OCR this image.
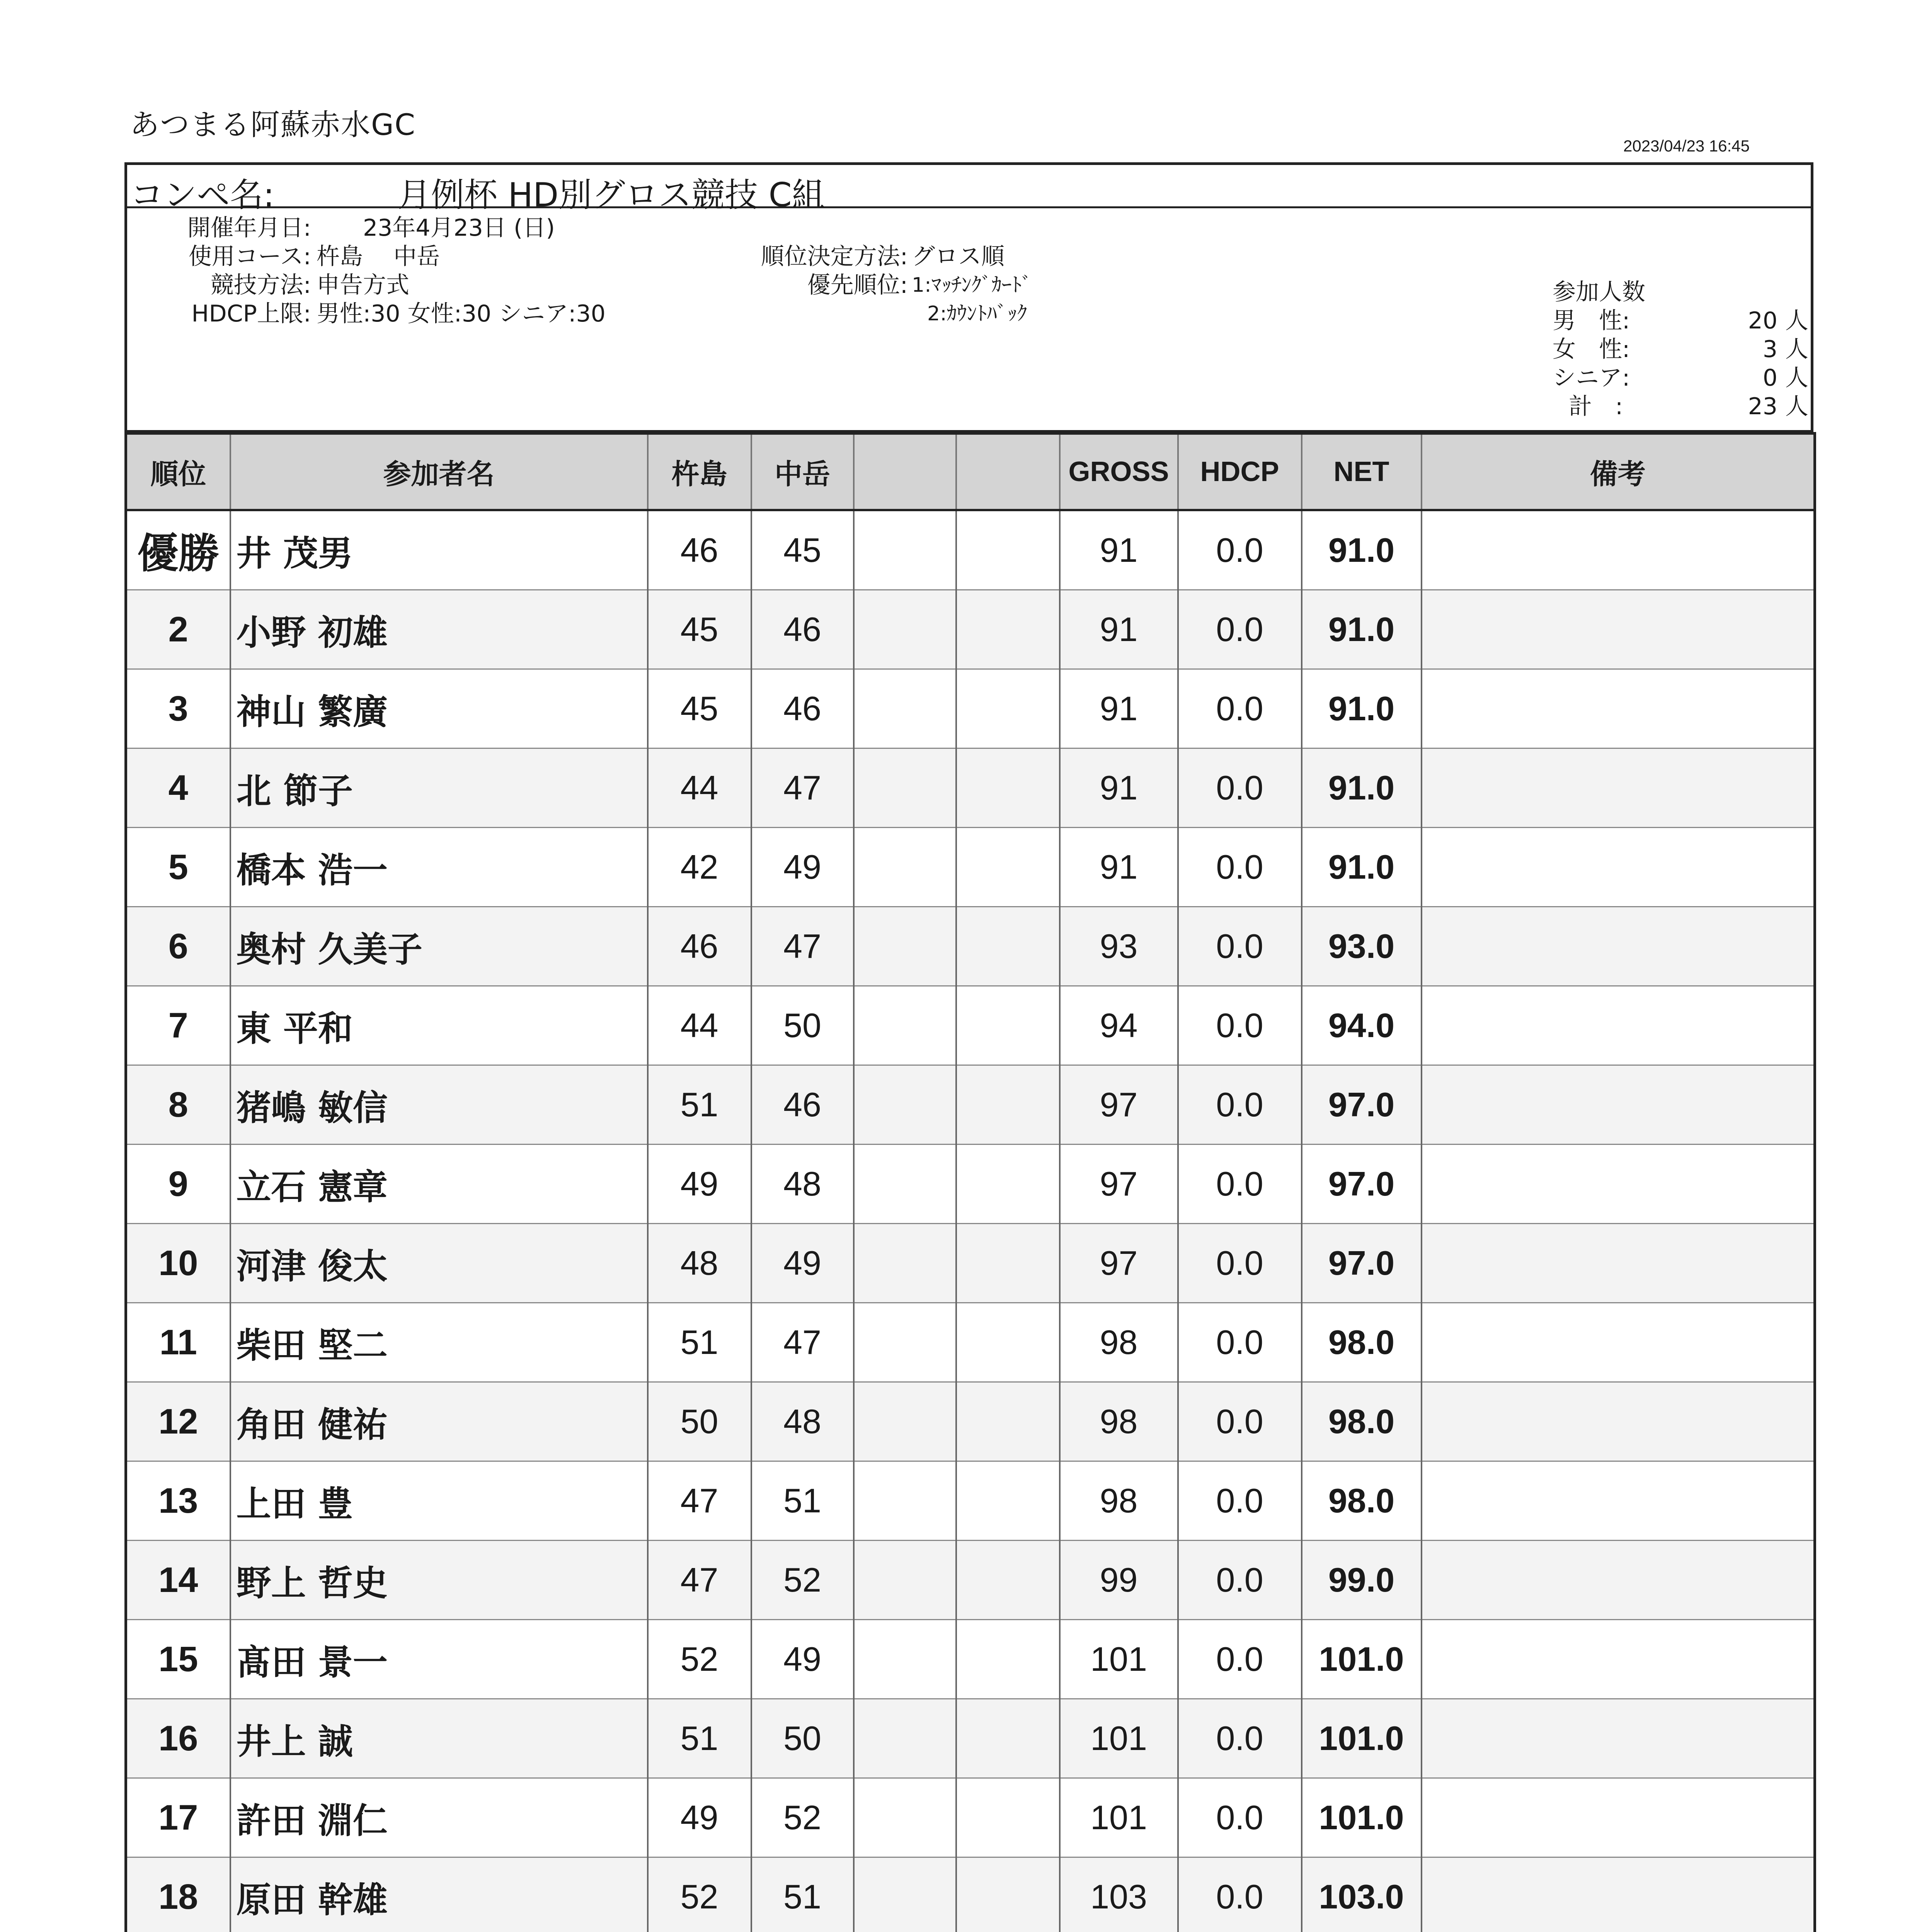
あつまる阿蘇赤水GC
2023/04/23 16:45
コンペ名:	月例杯 HD別グロス競技 C組
開催年月日: 23年4月23日 (日)
使用コース: 杵島　 中岳
競技方法: 申告方式
HDCP上限: 男性:30 女性:30 シニア:30
順位決定方法: グロス順
優先順位: 1:ﾏｯﾁﾝｸﾞｶｰﾄﾞ
2:ｶｳﾝﾄﾊﾞｯｸ
参加人数
男　性:	20 人
女　性:	3 人
シニア:	0 人
計　:	23 人
順位	参加者名	杵島	中岳			GROSS	HDCP	NET	備考
優勝	井 茂男	46	45			91	0.0	91.0	
2	小野 初雄	45	46			91	0.0	91.0	
3	神山 繁廣	45	46			91	0.0	91.0	
4	北 節子	44	47			91	0.0	91.0	
5	橋本 浩一	42	49			91	0.0	91.0	
6	奥村 久美子	46	47			93	0.0	93.0	
7	東 平和	44	50			94	0.0	94.0	
8	猪嶋 敏信	51	46			97	0.0	97.0	
9	立石 憲章	49	48			97	0.0	97.0	
10	河津 俊太	48	49			97	0.0	97.0	
11	柴田 堅二	51	47			98	0.0	98.0	
12	角田 健祐	50	48			98	0.0	98.0	
13	上田 豊	47	51			98	0.0	98.0	
14	野上 哲史	47	52			99	0.0	99.0	
15	髙田 景一	52	49			101	0.0	101.0	
16	井上 誠	51	50			101	0.0	101.0	
17	許田 淵仁	49	52			101	0.0	101.0	
18	原田 幹雄	52	51			103	0.0	103.0	
